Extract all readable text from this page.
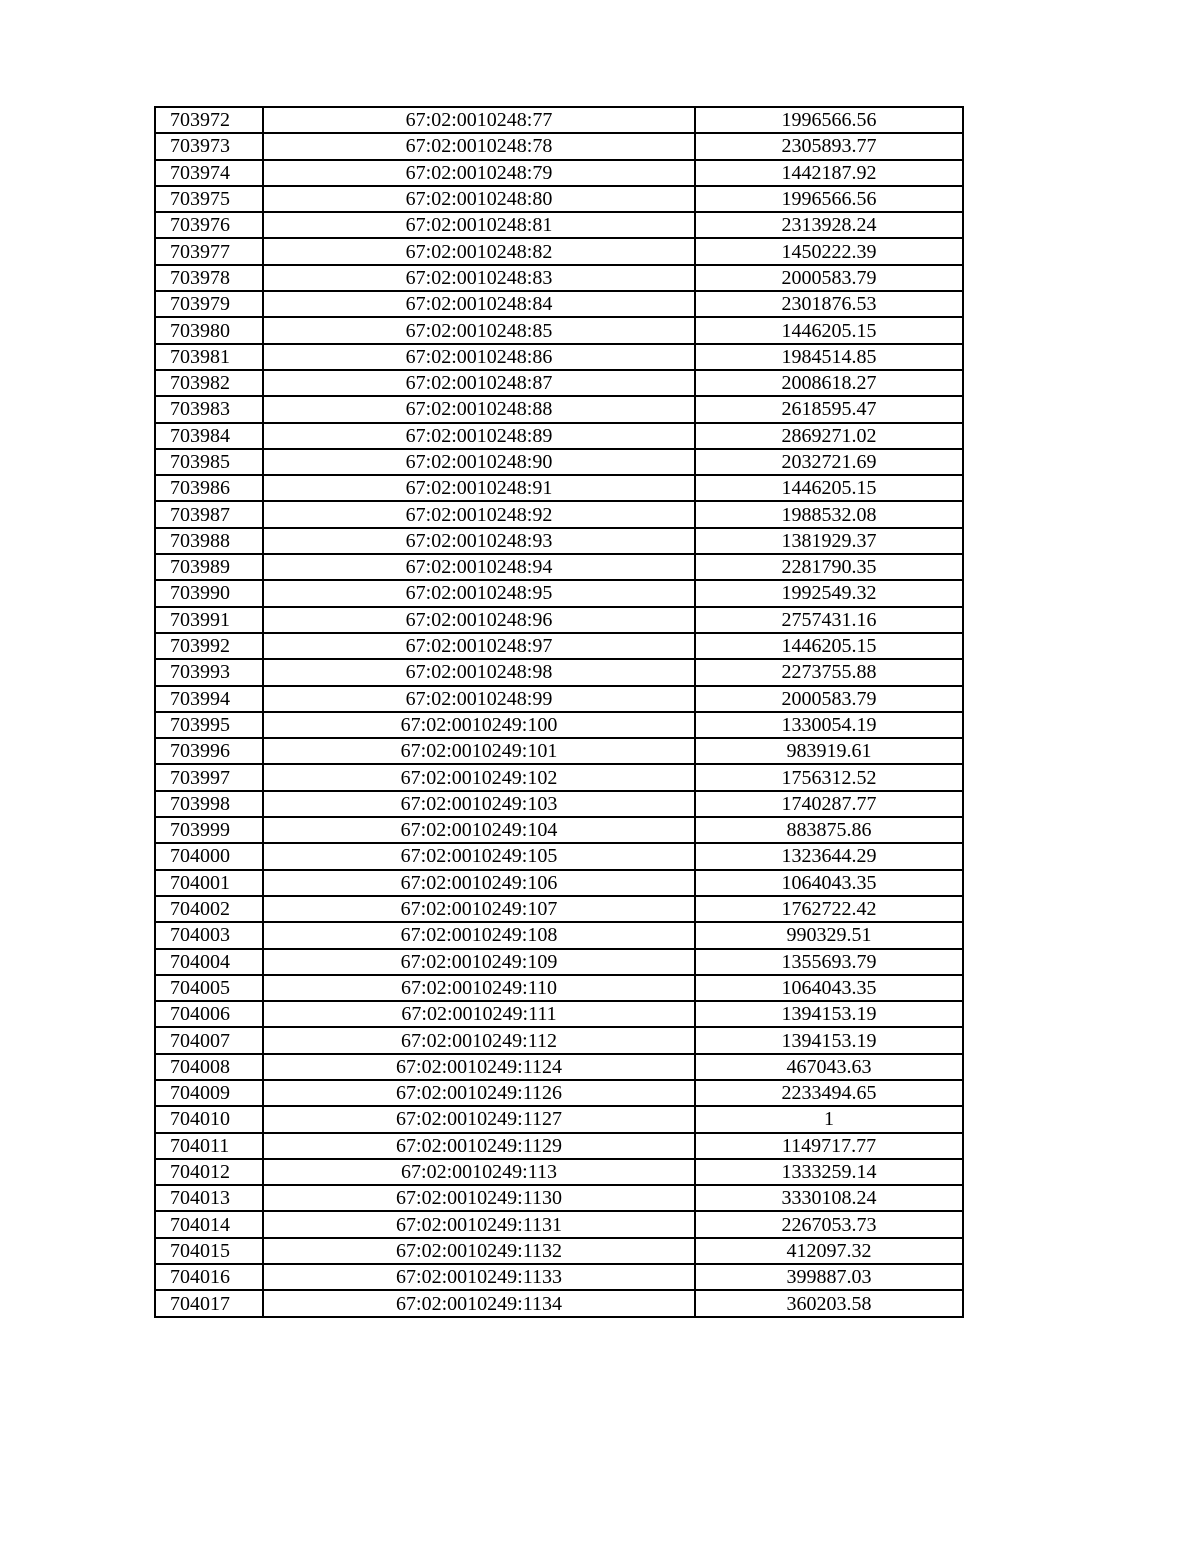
703972	67:02:0010248:77	1996566.56
703973	67:02:0010248:78	2305893.77
703974	67:02:0010248:79	1442187.92
703975	67:02:0010248:80	1996566.56
703976	67:02:0010248:81	2313928.24
703977	67:02:0010248:82	1450222.39
703978	67:02:0010248:83	2000583.79
703979	67:02:0010248:84	2301876.53
703980	67:02:0010248:85	1446205.15
703981	67:02:0010248:86	1984514.85
703982	67:02:0010248:87	2008618.27
703983	67:02:0010248:88	2618595.47
703984	67:02:0010248:89	2869271.02
703985	67:02:0010248:90	2032721.69
703986	67:02:0010248:91	1446205.15
703987	67:02:0010248:92	1988532.08
703988	67:02:0010248:93	1381929.37
703989	67:02:0010248:94	2281790.35
703990	67:02:0010248:95	1992549.32
703991	67:02:0010248:96	2757431.16
703992	67:02:0010248:97	1446205.15
703993	67:02:0010248:98	2273755.88
703994	67:02:0010248:99	2000583.79
703995	67:02:0010249:100	1330054.19
703996	67:02:0010249:101	983919.61
703997	67:02:0010249:102	1756312.52
703998	67:02:0010249:103	1740287.77
703999	67:02:0010249:104	883875.86
704000	67:02:0010249:105	1323644.29
704001	67:02:0010249:106	1064043.35
704002	67:02:0010249:107	1762722.42
704003	67:02:0010249:108	990329.51
704004	67:02:0010249:109	1355693.79
704005	67:02:0010249:110	1064043.35
704006	67:02:0010249:111	1394153.19
704007	67:02:0010249:112	1394153.19
704008	67:02:0010249:1124	467043.63
704009	67:02:0010249:1126	2233494.65
704010	67:02:0010249:1127	1
704011	67:02:0010249:1129	1149717.77
704012	67:02:0010249:113	1333259.14
704013	67:02:0010249:1130	3330108.24
704014	67:02:0010249:1131	2267053.73
704015	67:02:0010249:1132	412097.32
704016	67:02:0010249:1133	399887.03
704017	67:02:0010249:1134	360203.58
